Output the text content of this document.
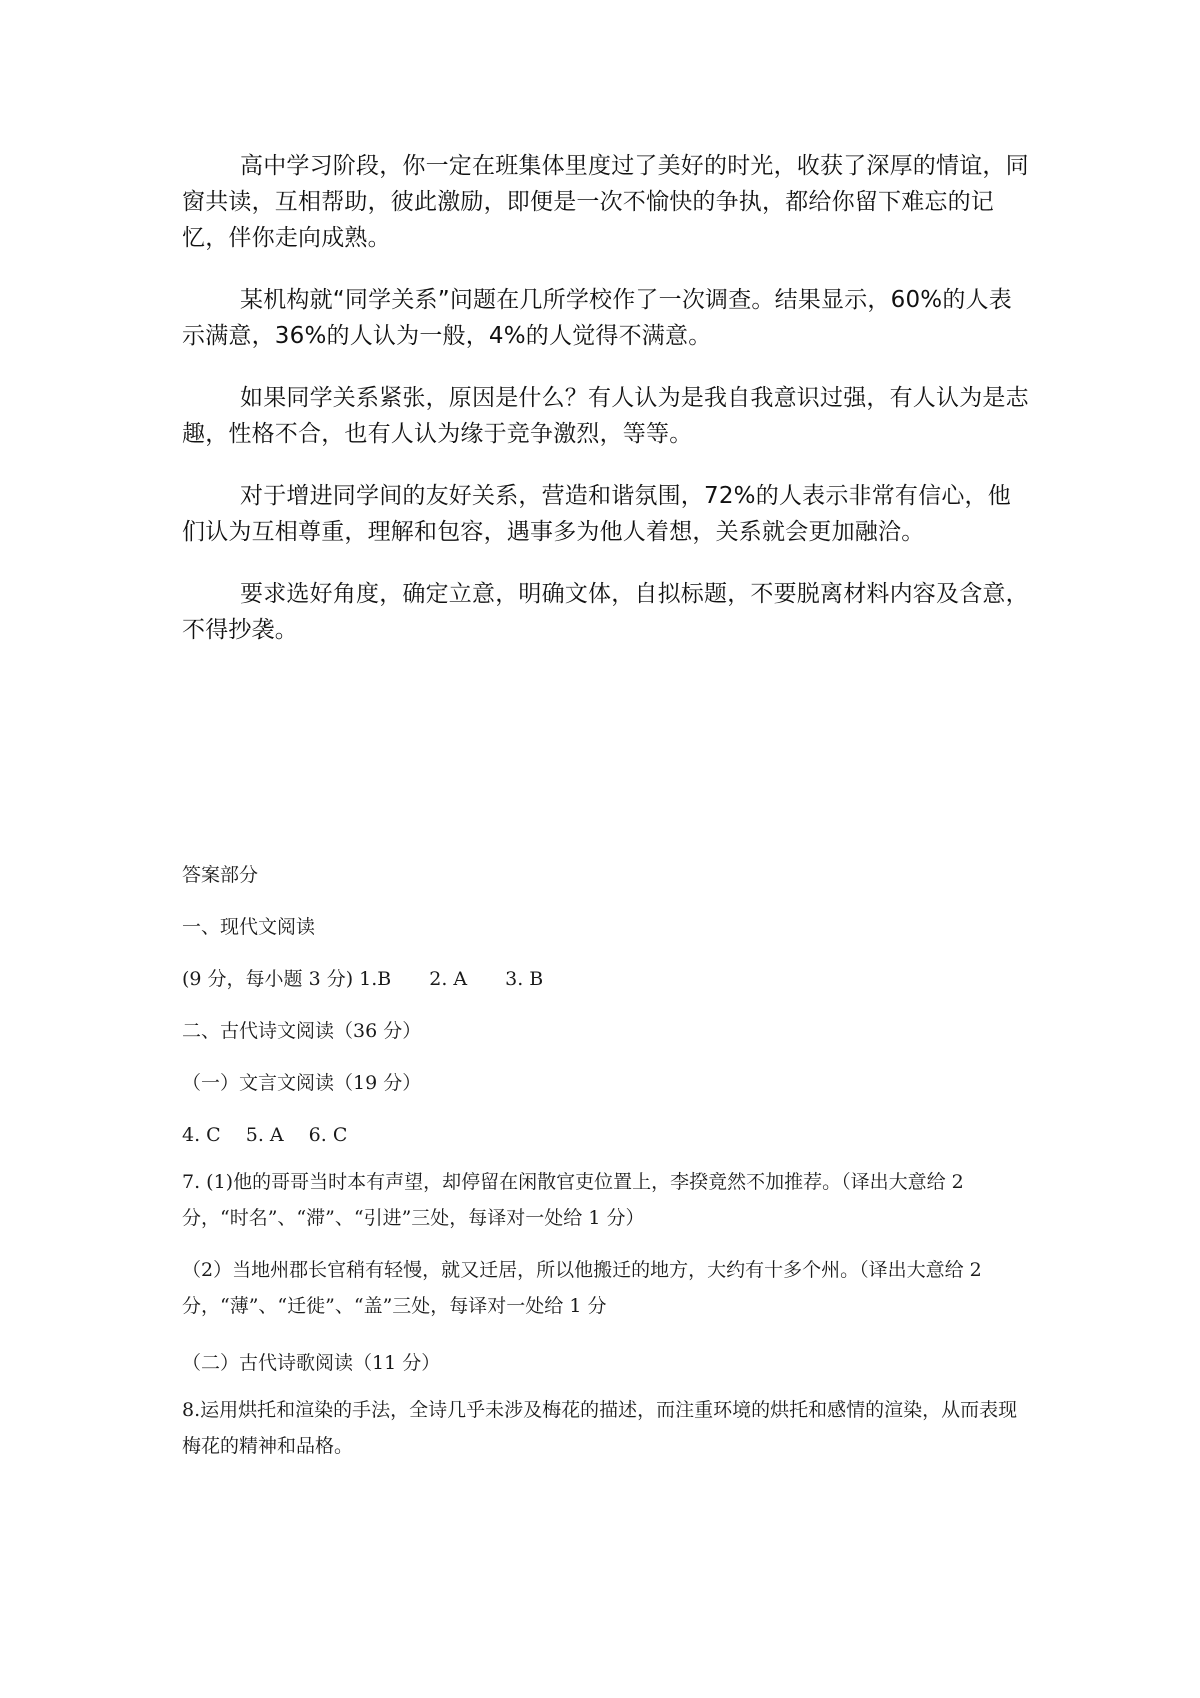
高中学习阶段，你一定在班集体里度过了美好的时光，收获了深厚的情谊，同窗共读，互相帮助，彼此激励，即便是一次不愉快的争执，都给你留下难忘的记忆，伴你走向成熟。

某机构就“同学关系”问题在几所学校作了一次调查。结果显示，60%的人表示满意，36%的人认为一般，4%的人觉得不满意。

如果同学关系紧张，原因是什么？有人认为是我自我意识过强，有人认为是志趣，性格不合，也有人认为缘于竞争激烈，等等。

对于增进同学间的友好关系，营造和谐氛围，72%的人表示非常有信心，他们认为互相尊重，理解和包容，遇事多为他人着想，关系就会更加融洽。

要求选好角度，确定立意，明确文体，自拟标题，不要脱离材料内容及含意，不得抄袭。

答案部分
一、现代文阅读
(9 分，每小题 3 分) 1.B　　2. A　　3. B
二、古代诗文阅读（36 分）
（一）文言文阅读（19 分）
4. C　 5. A　 6. C
7. (1)他的哥哥当时本有声望，却停留在闲散官吏位置上，李揆竟然不加推荐。（译出大意给 2 分，“时名”、“滞”、“引进”三处，每译对一处给 1 分）
（2）当地州郡长官稍有轻慢，就又迁居，所以他搬迁的地方，大约有十多个州。（译出大意给 2 分，“薄”、“迁徙”、“盖”三处，每译对一处给 1 分
（二）古代诗歌阅读（11 分）
8.运用烘托和渲染的手法，全诗几乎未涉及梅花的描述，而注重环境的烘托和感情的渲染，从而表现梅花的精神和品格。
